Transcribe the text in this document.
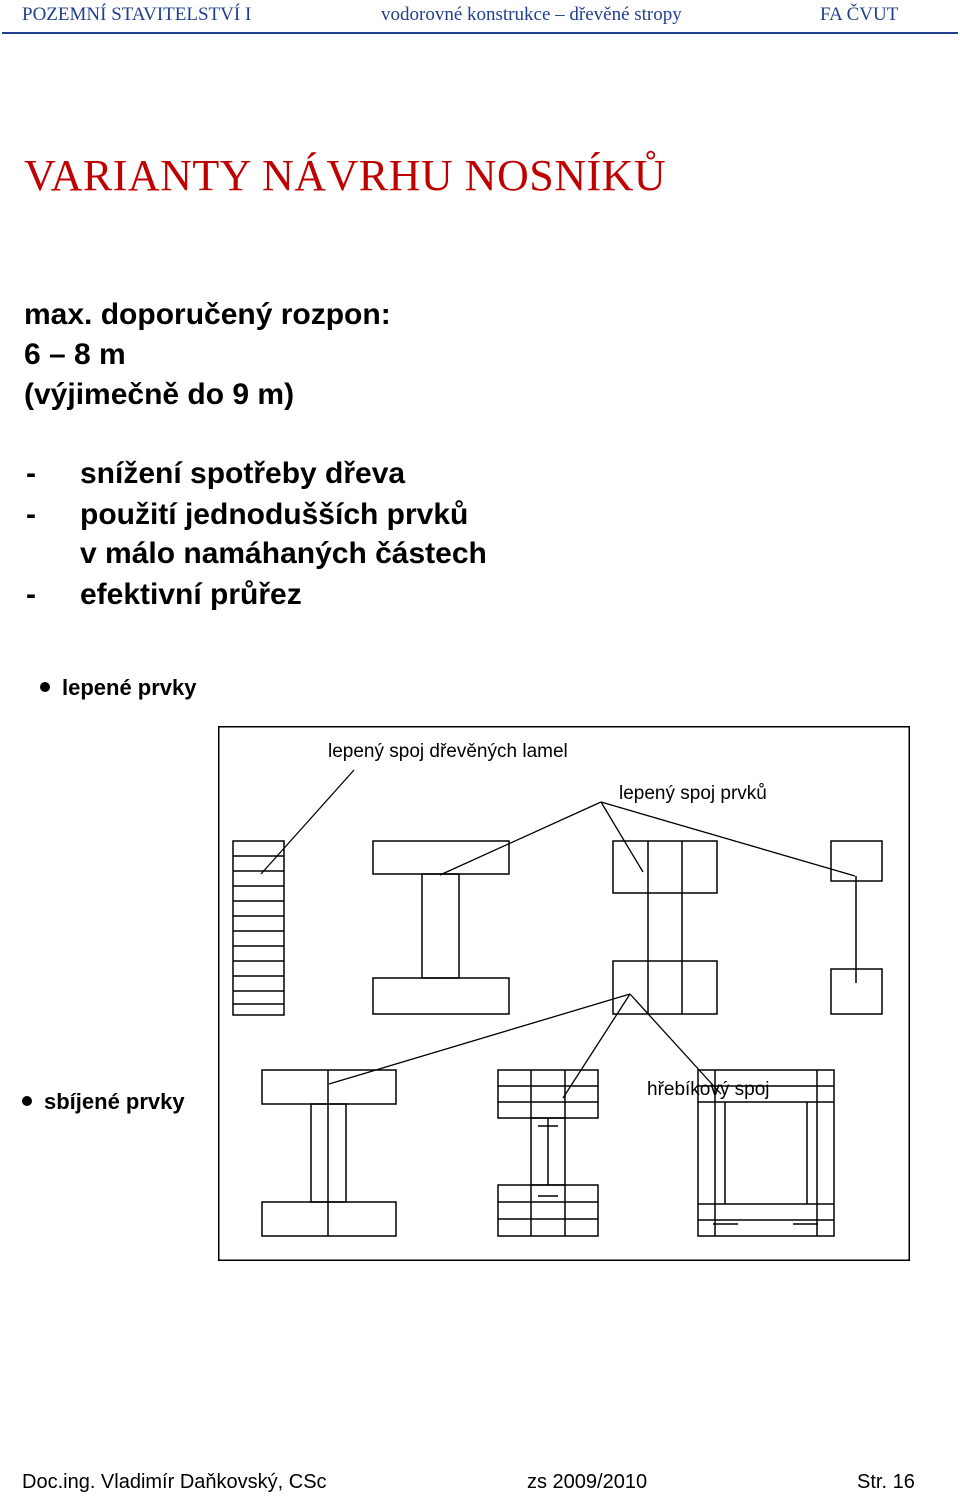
POZEMNÍ STAVITELSTVÍ I	vodorovné konstrukce – dřevěné stropy	FA ČVUT
VARIANTY NÁVRHU NOSNÍKŮ
max. doporučený rozpon:
6 – 8 m
(výjimečně do 9 m)
- snížení spotřeby dřeva
- použití jednodušších prvků
v málo namáhaných částech
- efektivní průřez
lepené prvky
sbíjené prvky
lepený spoj dřevěných lamel
lepený spoj prvků
hřebíkový spoj
Doc.ing. Vladimír Daňkovský, CSc	zs 2009/2010	Str. 16
